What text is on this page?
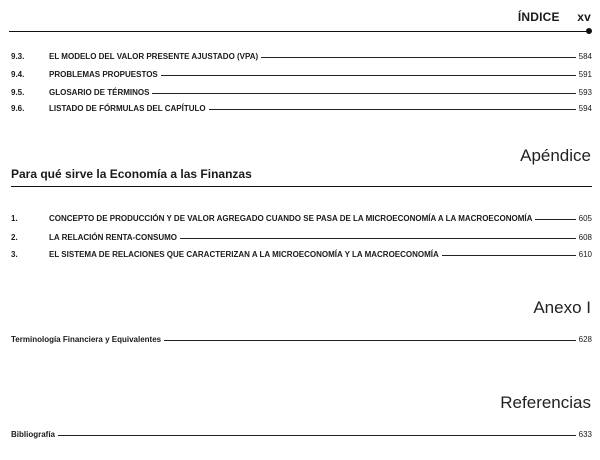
ÍNDICE xv
9.3.	EL MODELO DEL VALOR PRESENTE AJUSTADO (VPA)	584
9.4.	PROBLEMAS PROPUESTOS	591
9.5.	GLOSARIO DE TÉRMINOS	593
9.6.	LISTADO DE FÓRMULAS DEL CAPÍTULO	594
Apéndice
Para qué sirve la Economía a las Finanzas
1.	CONCEPTO DE PRODUCCIÓN Y DE VALOR AGREGADO CUANDO SE PASA DE LA MICROECONOMÍA A LA MACROECONOMÍA	605
2.	LA RELACIÓN RENTA-CONSUMO	608
3.	EL SISTEMA DE RELACIONES QUE CARACTERIZAN A LA MICROECONOMÍA Y LA MACROECONOMÍA	610
Anexo I
Terminología Financiera y Equivalentes	628
Referencias
Bibliografía	633
